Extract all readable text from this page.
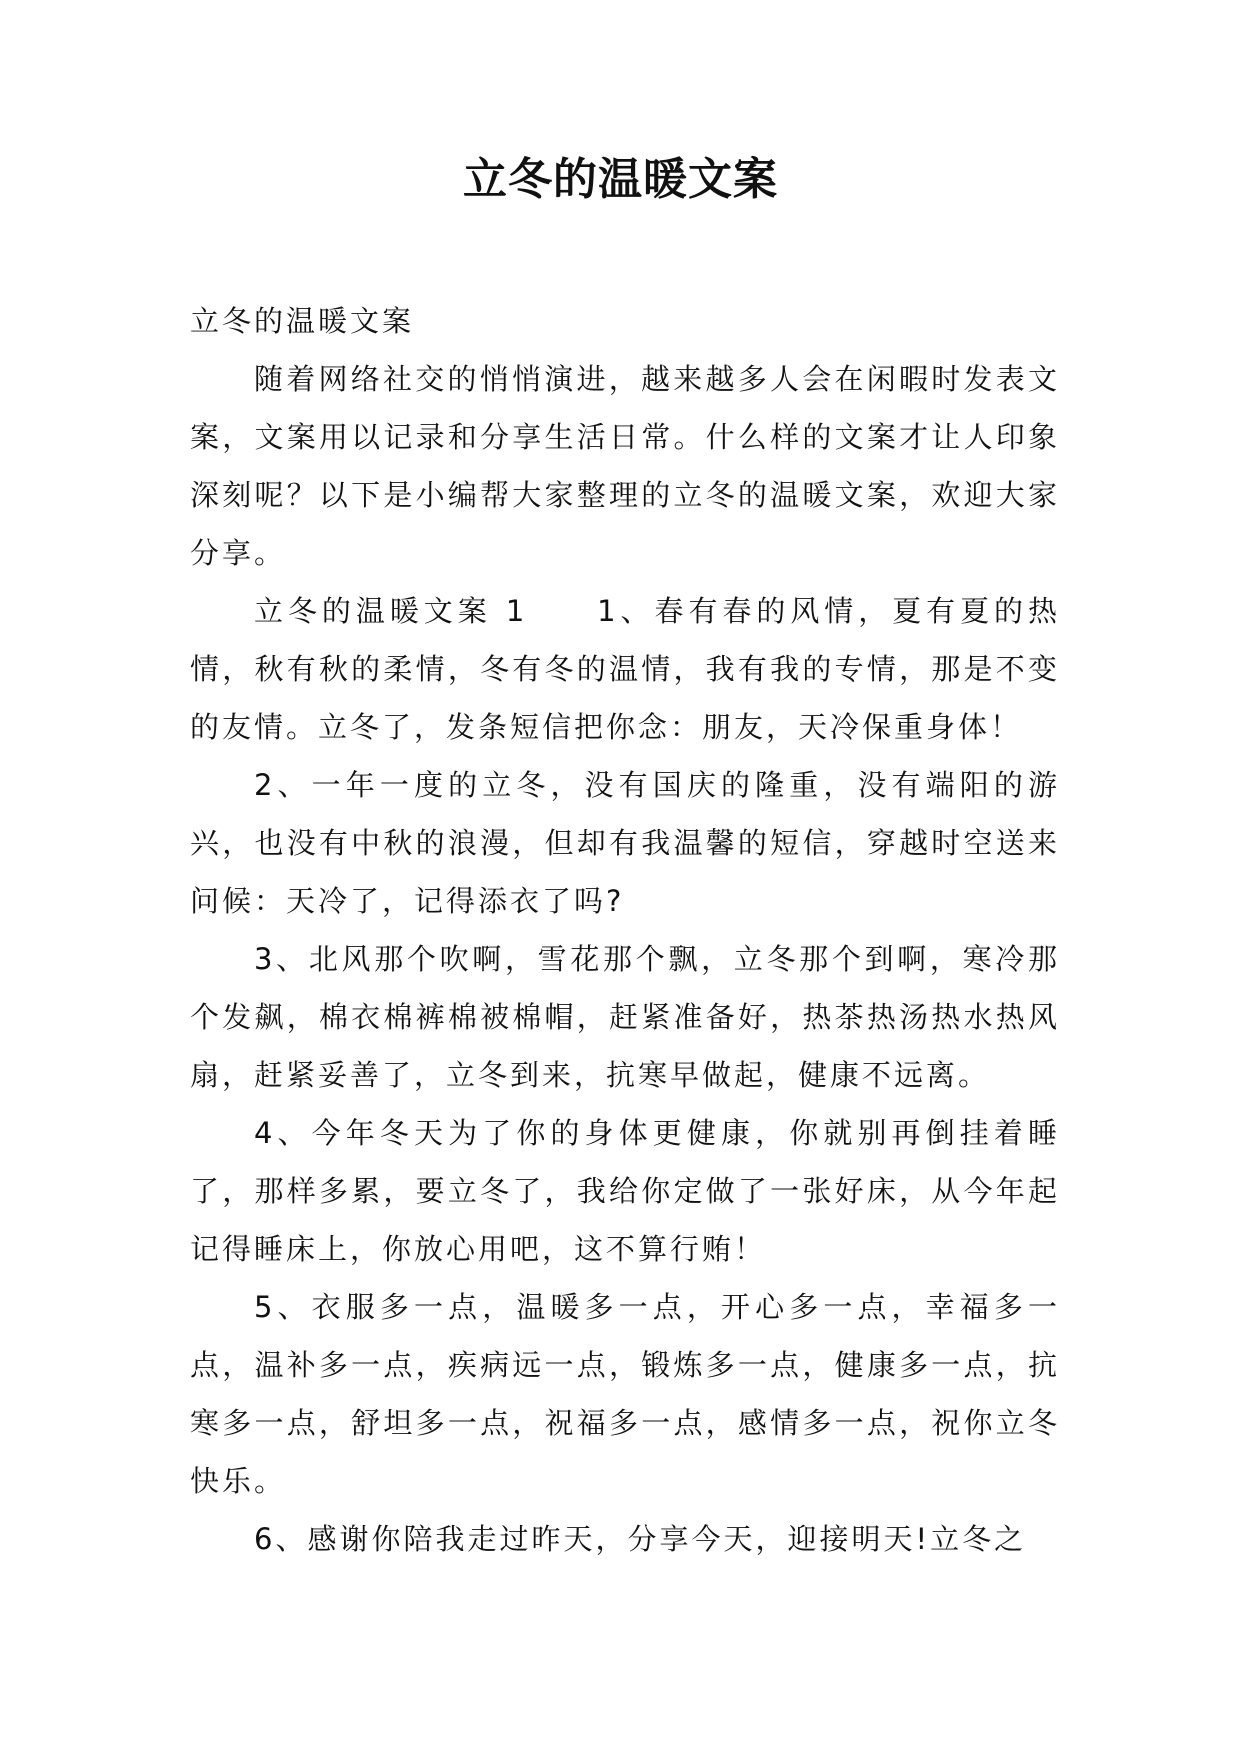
立冬的温暖文案

立冬的温暖文案

随着网络社交的悄悄演进，越来越多人会在闲暇时发表文案，文案用以记录和分享生活日常。什么样的文案才让人印象深刻呢？以下是小编帮大家整理的立冬的温暖文案，欢迎大家分享。

立冬的温暖文案 1　　1、春有春的风情，夏有夏的热情，秋有秋的柔情，冬有冬的温情，我有我的专情，那是不变的友情。立冬了，发条短信把你念：朋友，天冷保重身体！

2、一年一度的立冬，没有国庆的隆重，没有端阳的游兴，也没有中秋的浪漫，但却有我温馨的短信，穿越时空送来问候：天冷了，记得添衣了吗?

3、北风那个吹啊，雪花那个飘，立冬那个到啊，寒冷那个发飙，棉衣棉裤棉被棉帽，赶紧准备好，热茶热汤热水热风扇，赶紧妥善了，立冬到来，抗寒早做起，健康不远离。

4、今年冬天为了你的身体更健康，你就别再倒挂着睡了，那样多累，要立冬了，我给你定做了一张好床，从今年起记得睡床上，你放心用吧，这不算行贿！

5、衣服多一点，温暖多一点，开心多一点，幸福多一点，温补多一点，疾病远一点，锻炼多一点，健康多一点，抗寒多一点，舒坦多一点，祝福多一点，感情多一点，祝你立冬快乐。

6、感谢你陪我走过昨天，分享今天，迎接明天!立冬之
